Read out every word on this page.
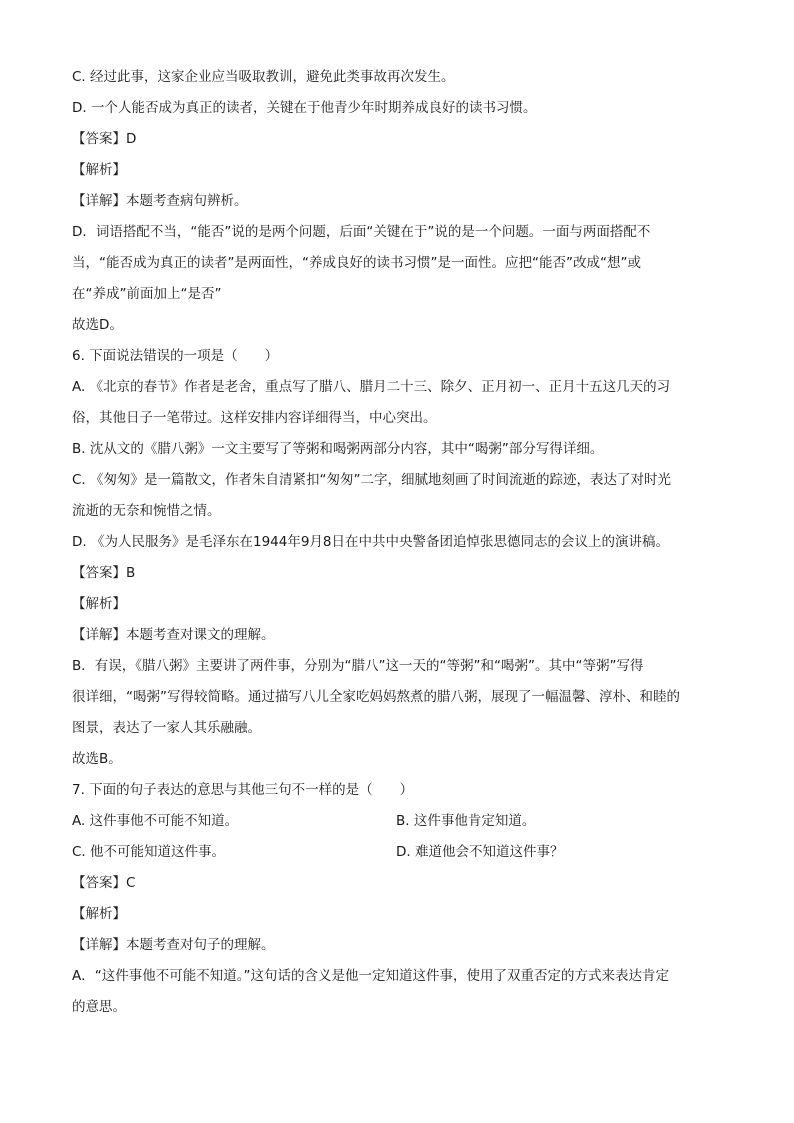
C. 经过此事，这家企业应当吸取教训，避免此类事故再次发生。
D. 一个人能否成为真正的读者，关键在于他青少年时期养成良好的读书习惯。
【答案】D
【解析】
【详解】本题考查病句辨析。
D．词语搭配不当，“能否”说的是两个问题，后面“关键在于”说的是一个问题。一面与两面搭配不
当，“能否成为真正的读者”是两面性，“养成良好的读书习惯”是一面性。应把“能否”改成“想”或
在“养成”前面加上“是否”
故选D。
6. 下面说法错误的一项是（　　）
A. 《北京的春节》作者是老舍，重点写了腊八、腊月二十三、除夕、正月初一、正月十五这几天的习
俗，其他日子一笔带过。这样安排内容详细得当，中心突出。
B. 沈从文的《腊八粥》一文主要写了等粥和喝粥两部分内容，其中“喝粥”部分写得详细。
C. 《匆匆》是一篇散文，作者朱自清紧扣“匆匆”二字，细腻地刻画了时间流逝的踪迹，表达了对时光
流逝的无奈和惋惜之情。
D. 《为人民服务》是毛泽东在1944年9月8日在中共中央警备团追悼张思德同志的会议上的演讲稿。
【答案】B
【解析】
【详解】本题考查对课文的理解。
B．有误，《腊八粥》主要讲了两件事，分别为“腊八”这一天的“等粥”和“喝粥”。其中“等粥”写得
很详细，“喝粥”写得较简略。通过描写八儿全家吃妈妈熬煮的腊八粥，展现了一幅温馨、淳朴、和睦的
图景，表达了一家人其乐融融。
故选B。
7. 下面的句子表达的意思与其他三句不一样的是（　　）
A. 这件事他不可能不知道。	B. 这件事他肯定知道。
C. 他不可能知道这件事。	D. 难道他会不知道这件事？
【答案】C
【解析】
【详解】本题考查对句子的理解。
A．“这件事他不可能不知道。”这句话的含义是他一定知道这件事，使用了双重否定的方式来表达肯定
的意思。
